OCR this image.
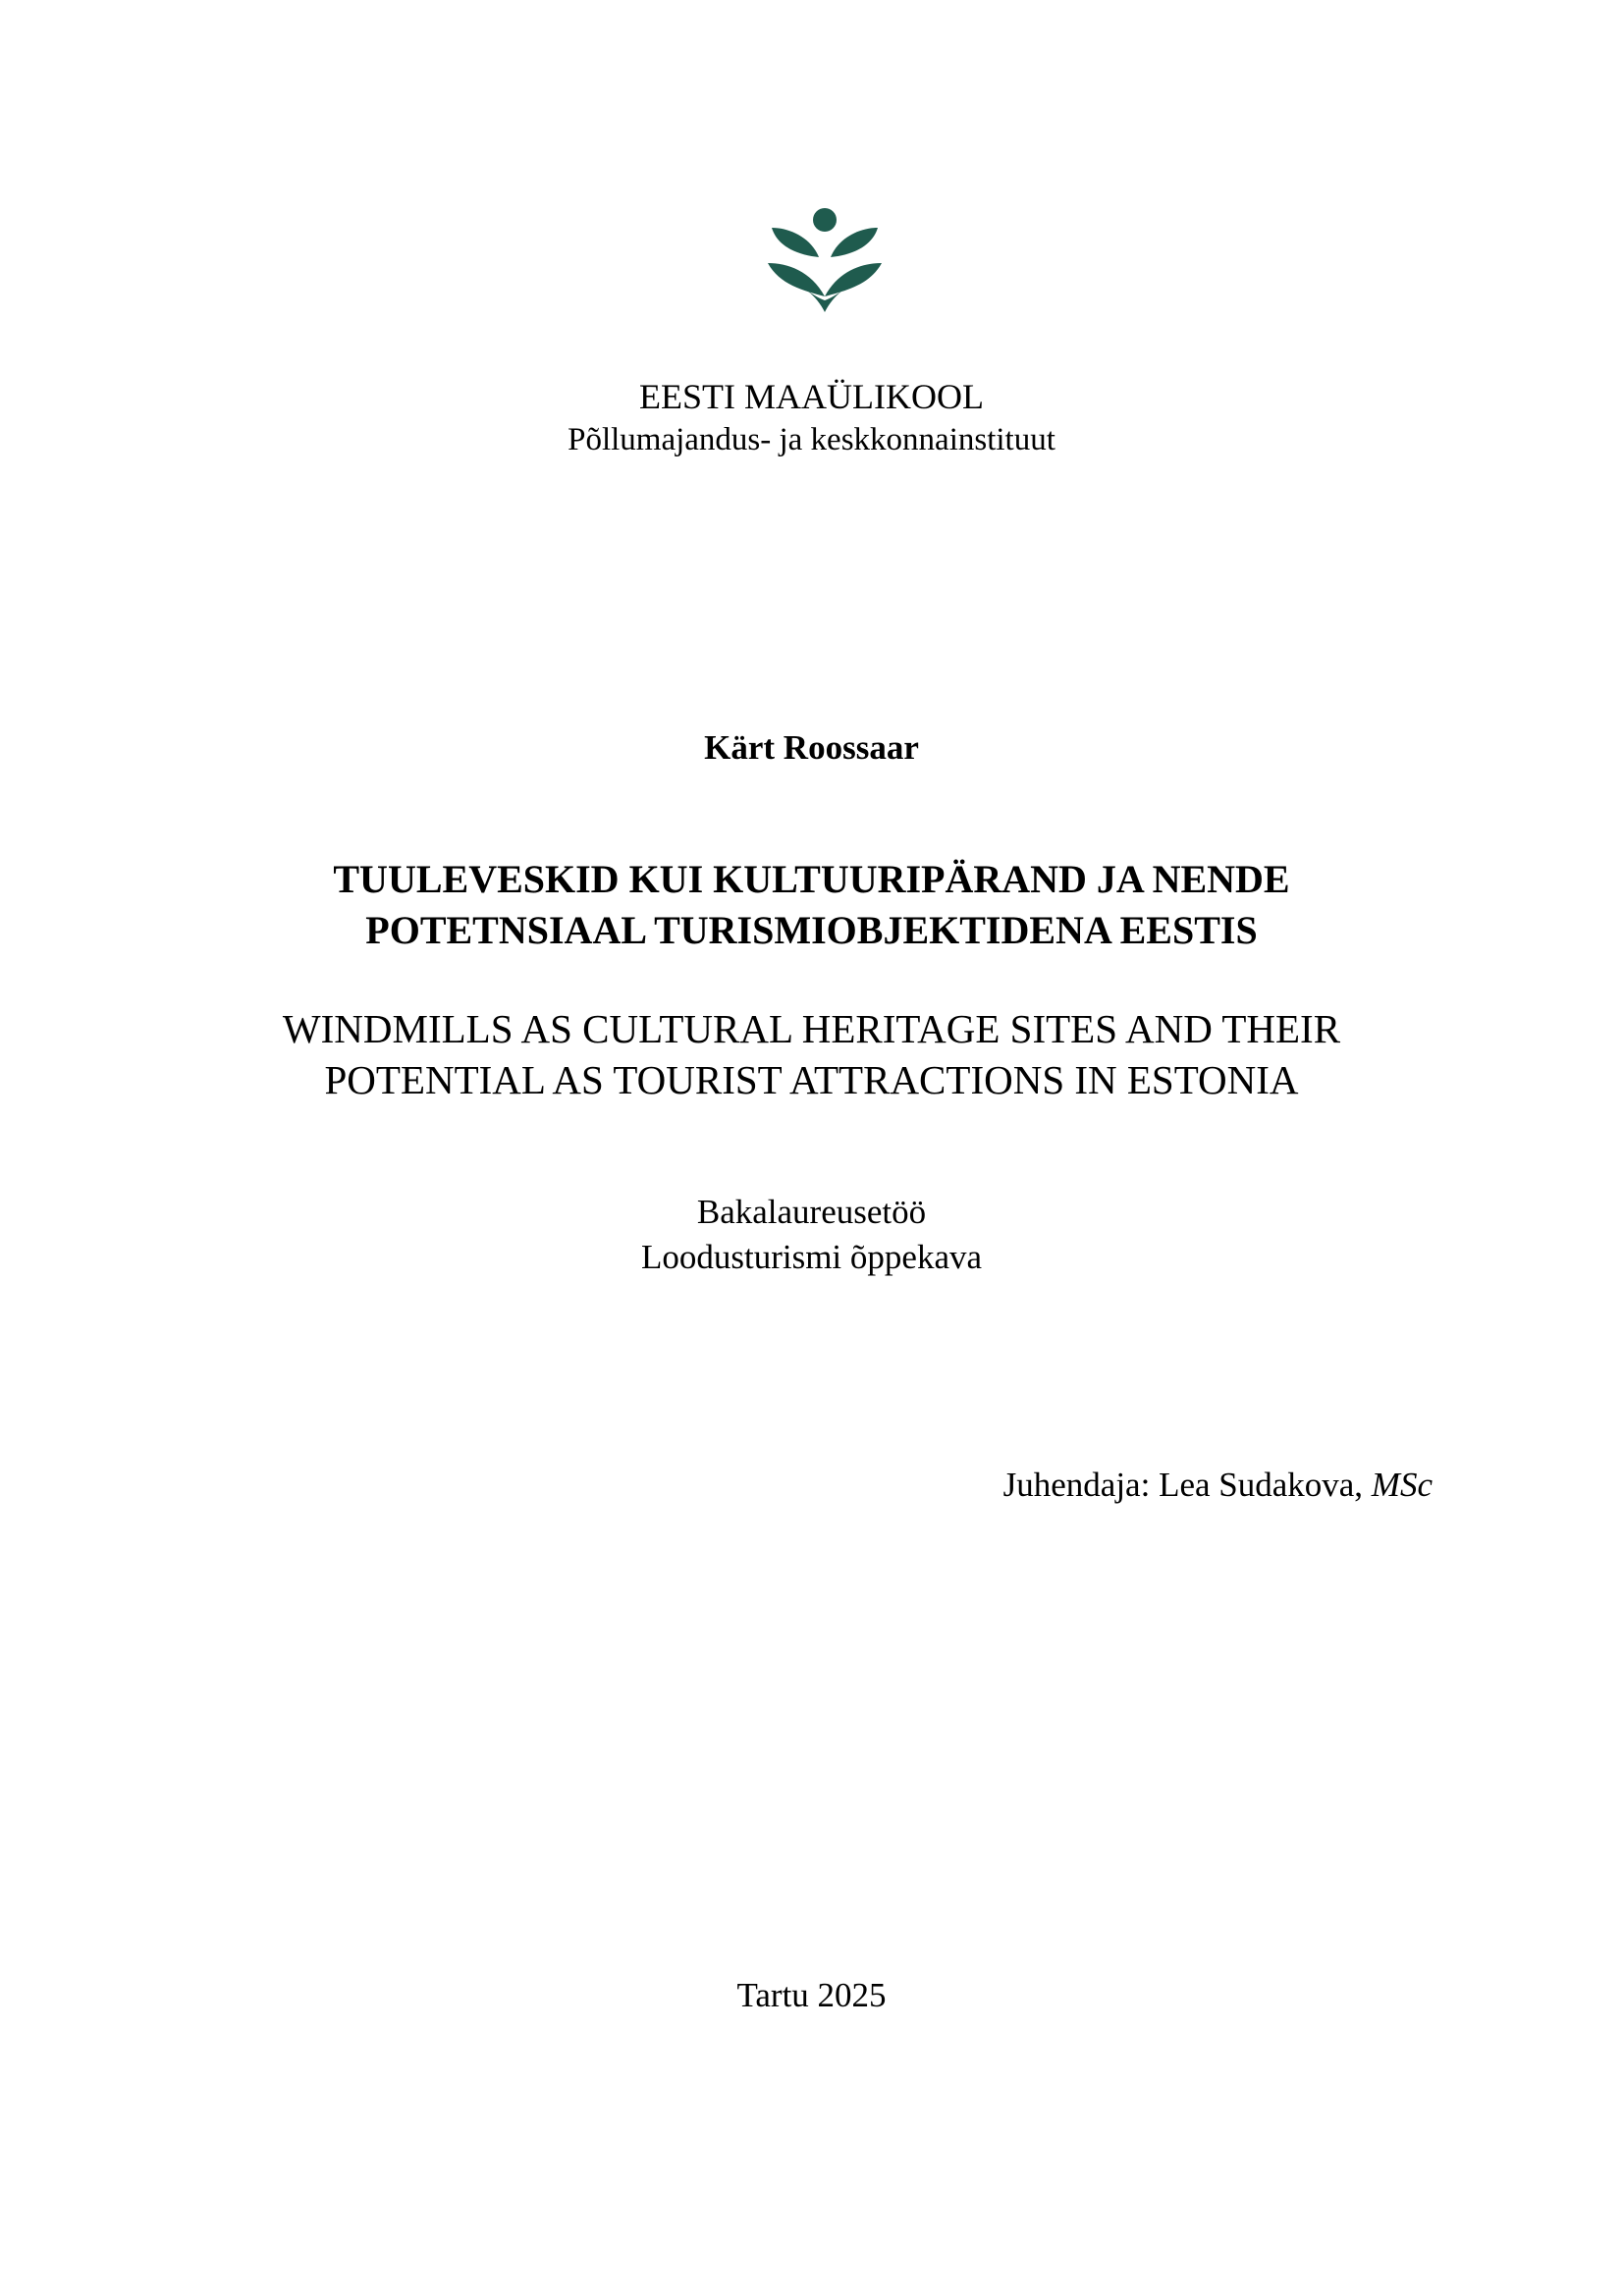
EESTI MAAÜLIKOOL
Põllumajandus- ja keskkonnainstituut
Kärt Roossaar
TUULEVESKID KUI KULTUURIPÄRAND JA NENDE
POTETNSIAAL TURISMIOBJEKTIDENA EESTIS
WINDMILLS AS CULTURAL HERITAGE SITES AND THEIR
POTENTIAL AS TOURIST ATTRACTIONS IN ESTONIA
Bakalaureusetöö
Loodusturismi õppekava
Juhendaja: Lea Sudakova, MSc
Tartu 2025
